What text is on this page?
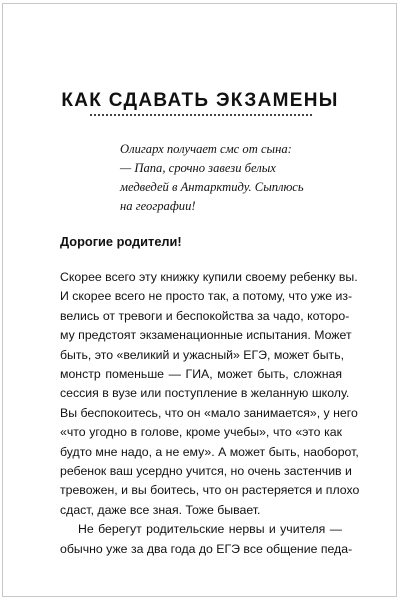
КАК СДАВАТЬ ЭКЗАМЕНЫ
Олигарх получает смс от сына:
— Папа, срочно завези белых
медведей в Антарктиду. Сыплюсь
на географии!
Дорогие родители!
Скорее всего эту книжку купили своему ребенку вы.
И скорее всего не просто так, а потому, что уже из-
велись от тревоги и беспокойства за чадо, которо-
му предстоят экзаменационные испытания. Может
быть, это «великий и ужасный» ЕГЭ, может быть,
монстр поменьше — ГИА, может быть, сложная
сессия в вузе или поступление в желанную школу.
Вы беспокоитесь, что он «мало занимается», у него
«что угодно в голове, кроме учебы», что «это как
будто мне надо, а не ему». А может быть, наоборот,
ребенок ваш усердно учится, но очень застенчив и
тревожен, и вы боитесь, что он растеряется и плохо
сдаст, даже все зная. Тоже бывает.
Не берегут родительские нервы и учителя —
обычно уже за два года до ЕГЭ все общение педа-
